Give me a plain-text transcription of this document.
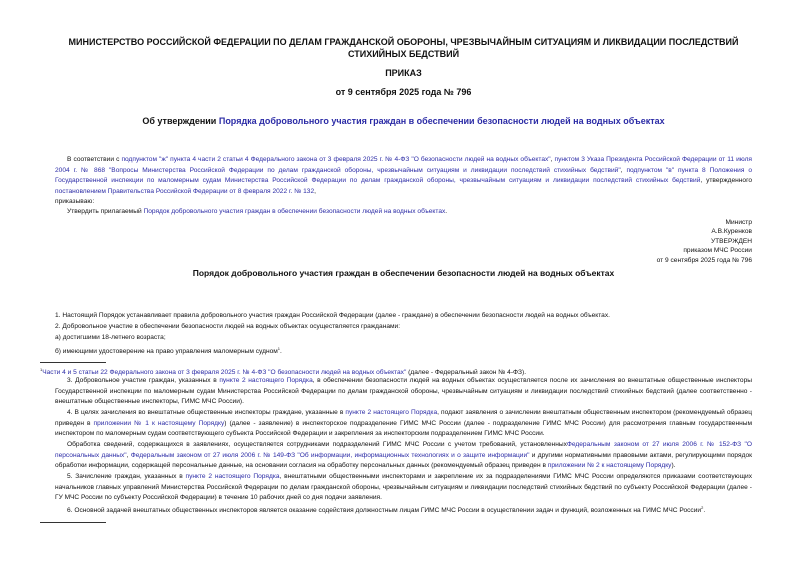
МИНИСТЕРСТВО РОССИЙСКОЙ ФЕДЕРАЦИИ ПО ДЕЛАМ ГРАЖДАНСКОЙ ОБОРОНЫ, ЧРЕЗВЫЧАЙНЫМ СИТУАЦИЯМ И ЛИКВИДАЦИИ ПОСЛЕДСТВИЙ СТИХИЙНЫХ БЕДСТВИЙ
ПРИКАЗ
от 9 сентября 2025 года № 796
Об утверждении Порядка добровольного участия граждан в обеспечении безопасности людей на водных объектах
В соответствии с подпунктом "ж" пункта 4 части 2 статьи 4 Федерального закона от 3 февраля 2025 г. № 4-ФЗ "О безопасности людей на водных объектах", пунктом 3 Указа Президента Российской Федерации от 11 июля 2004 г. № 868 "Вопросы Министерства Российской Федерации по делам гражданской обороны, чрезвычайным ситуациям и ликвидации последствий стихийных бедствий", подпунктом "в" пункта 8 Положения о Государственной инспекции по маломерным судам Министерства Российской Федерации по делам гражданской обороны, чрезвычайным ситуациям и ликвидации последствий стихийных бедствий, утвержденного постановлением Правительства Российской Федерации от 8 февраля 2022 г. № 132,
приказываю:
Утвердить прилагаемый Порядок добровольного участия граждан в обеспечении безопасности людей на водных объектах.
Министр
А.В.Куренков
УТВЕРЖДЕН
приказом МЧС России
от 9 сентября 2025 года № 796
Порядок добровольного участия граждан в обеспечении безопасности людей на водных объектах
1. Настоящий Порядок устанавливает правила добровольного участия граждан Российской Федерации (далее - граждане) в обеспечении безопасности людей на водных объектах.
2. Добровольное участие в обеспечении безопасности людей на водных объектах осуществляется гражданами:
а) достигшими 18-летнего возраста;
б) имеющими удостоверение на право управления маломерным судном$^1$.
$^1$Части 4 и 5 статьи 22 Федерального закона от 3 февраля 2025 г. № 4-ФЗ "О безопасности людей на водных объектах" (далее - Федеральный закон № 4-ФЗ).
3. Добровольное участие граждан, указанных в пункте 2 настоящего Порядка, в обеспечении безопасности людей на водных объектах осуществляется после их зачисления во внештатные общественные инспекторы Государственной инспекции по маломерным судам Министерства Российской Федерации по делам гражданской обороны, чрезвычайным ситуациям и ликвидации последствий стихийных бедствий (далее соответственно - внештатные общественные инспекторы, ГИМС МЧС России).
4. В целях зачисления во внештатные общественные инспекторы граждане, указанные в пункте 2 настоящего Порядка, подают заявления о зачислении внештатным общественным инспектором (рекомендуемый образец приведен в приложении № 1 к настоящему Порядку) (далее - заявление) в инспекторское подразделение ГИМС МЧС России (далее - подразделение ГИМС МЧС России) для рассмотрения главным государственным инспектором по маломерным судам соответствующего субъекта Российской Федерации и закрепления за инспекторским подразделением ГИМС МЧС России.
Обработка сведений, содержащихся в заявлениях, осуществляется сотрудниками подразделений ГИМС МЧС России с учетом требований, установленныхФедеральным законом от 27 июля 2006 г. № 152-ФЗ "О персональных данных", Федеральным законом от 27 июля 2006 г. № 149-ФЗ "Об информации, информационных технологиях и о защите информации" и другими нормативными правовыми актами, регулирующими порядок обработки информации, содержащей персональные данные, на основании согласия на обработку персональных данных (рекомендуемый образец приведен в приложении № 2 к настоящему Порядку).
5. Зачисление граждан, указанных в пункте 2 настоящего Порядка, внештатными общественными инспекторами и закрепление их за подразделениями ГИМС МЧС России определяются приказами соответствующих начальников главных управлений Министерства Российской Федерации по делам гражданской обороны, чрезвычайным ситуациям и ликвидации последствий стихийных бедствий по субъекту Российской Федерации (далее - ГУ МЧС России по субъекту Российской Федерации) в течение 10 рабочих дней со дня подачи заявления.
6. Основной задачей внештатных общественных инспекторов является оказание содействия должностным лицам ГИМС МЧС России в осуществлении задач и функций, возложенных на ГИМС МЧС России$^2$.
